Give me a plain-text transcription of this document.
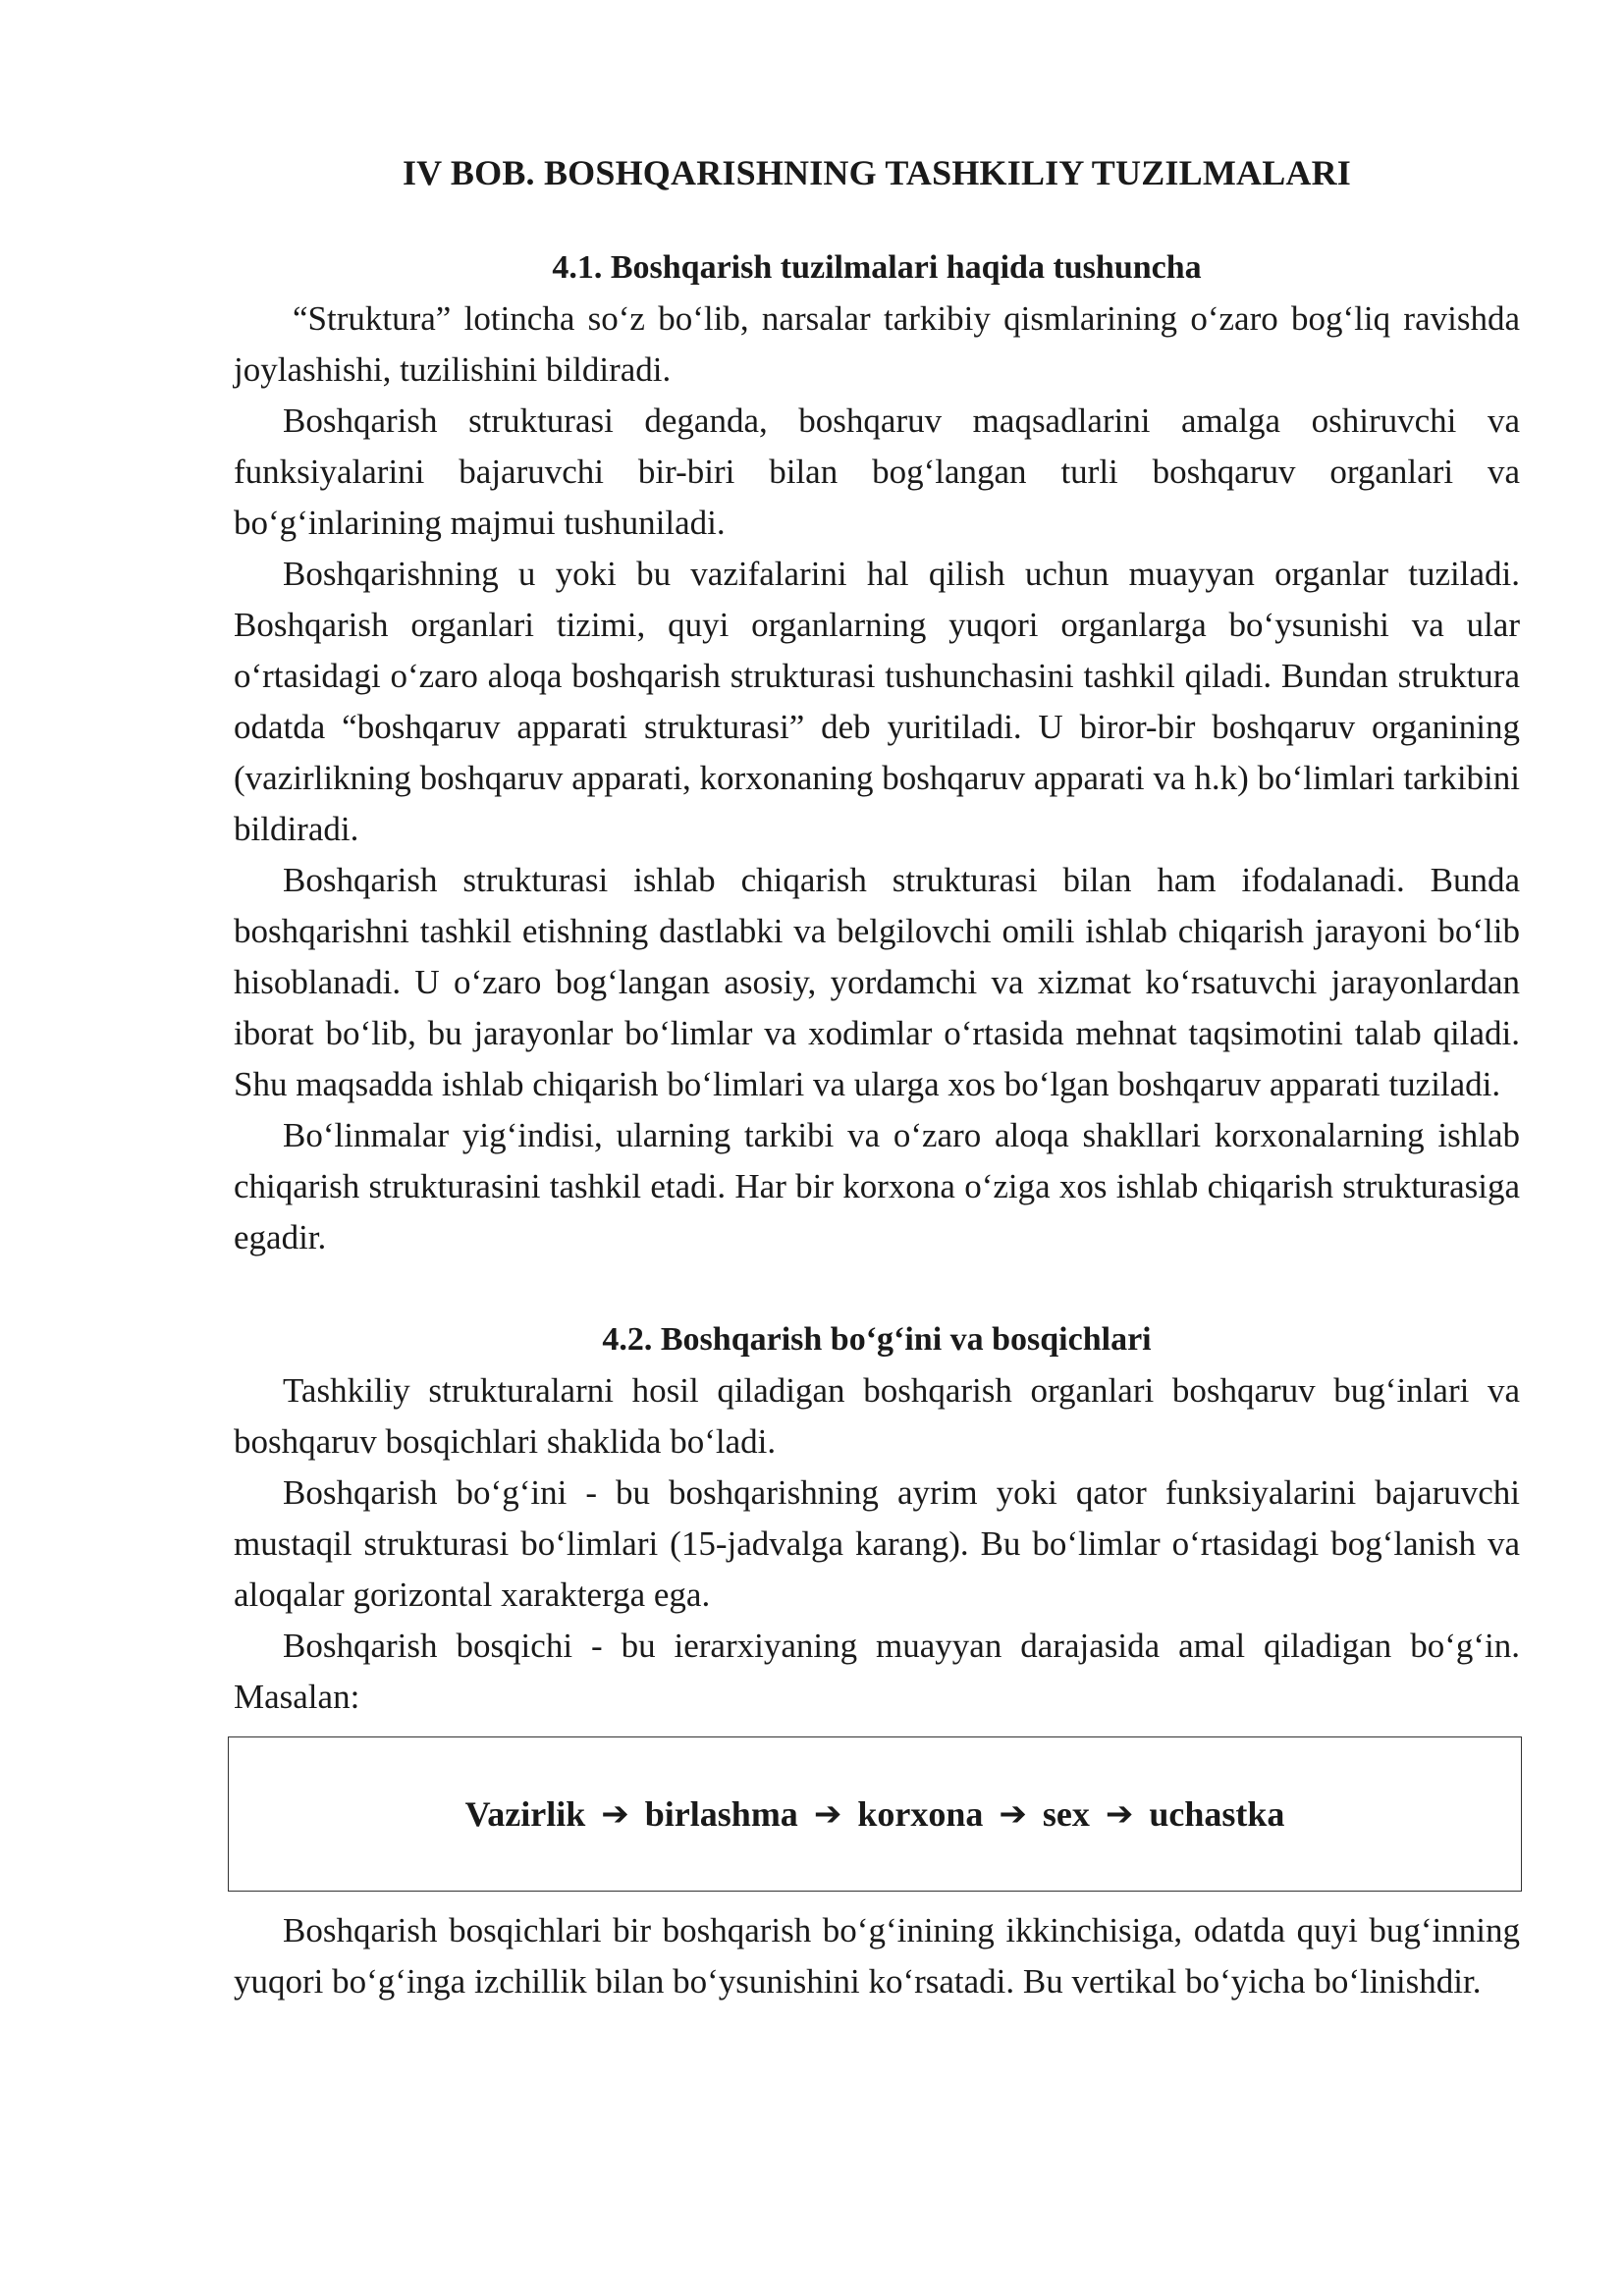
IV BOB. BOSHQARISHNING TASHKILIY TUZILMALARI
4.1. Boshqarish tuzilmalari haqida tushuncha

“Struktura” lotincha so‘z bo‘lib, narsalar tarkibiy qismlarining o‘zaro bog‘liq ravishda joylashishi, tuzilishini bildiradi.

Boshqarish strukturasi deganda, boshqaruv maqsadlarini amalga oshiruvchi va funksiyalarini bajaruvchi bir-biri bilan bog‘langan turli boshqaruv organlari va bo‘g‘inlarining majmui tushuniladi.

Boshqarishning u yoki bu vazifalarini hal qilish uchun muayyan organlar tuziladi. Boshqarish organlari tizimi, quyi organlarning yuqori organlarga bo‘ysunishi va ular o‘rtasidagi o‘zaro aloqa boshqarish strukturasi tushunchasini tashkil qiladi. Bundan struktura odatda “boshqaruv apparati strukturasi” deb yuritiladi. U biror-bir boshqaruv organining (vazirlikning boshqaruv apparati, korxonaning boshqaruv apparati va h.k) bo‘limlari tarkibini bildiradi.

Boshqarish strukturasi ishlab chiqarish strukturasi bilan ham ifodalanadi. Bunda boshqarishni tashkil etishning dastlabki va belgilovchi omili ishlab chiqarish jarayoni bo‘lib hisoblanadi. U o‘zaro bog‘langan asosiy, yordamchi va xizmat ko‘rsatuvchi jarayonlardan iborat bo‘lib, bu jarayonlar bo‘limlar va xodimlar o‘rtasida mehnat taqsimotini talab qiladi. Shu maqsadda ishlab chiqarish bo‘limlari va ularga xos bo‘lgan boshqaruv apparati tuziladi.

Bo‘linmalar yig‘indisi, ularning tarkibi va o‘zaro aloqa shakllari korxonalarning ishlab chiqarish strukturasini tashkil etadi. Har bir korxona o‘ziga xos ishlab chiqarish strukturasiga egadir.

4.2. Boshqarish bo‘g‘ini va bosqichlari

Tashkiliy strukturalarni hosil qiladigan boshqarish organlari boshqaruv bug‘inlari va boshqaruv bosqichlari shaklida bo‘ladi.

Boshqarish bo‘g‘ini - bu boshqarishning ayrim yoki qator funksiyalarini bajaruvchi mustaqil strukturasi bo‘limlari (15-jadvalga karang). Bu bo‘limlar o‘rtasidagi bog‘lanish va aloqalar gorizontal xarakterga ega.

Boshqarish bosqichi - bu ierarxiyaning muayyan darajasida amal qiladigan bo‘g‘in. Masalan:

Vazirlik ➔ birlashma ➔ korxona ➔ sex ➔ uchastka

Boshqarish bosqichlari bir boshqarish bo‘g‘inining ikkinchisiga, odatda quyi bug‘inning yuqori bo‘g‘inga izchillik bilan bo‘ysunishini ko‘rsatadi. Bu vertikal bo‘yicha bo‘linishdir.
